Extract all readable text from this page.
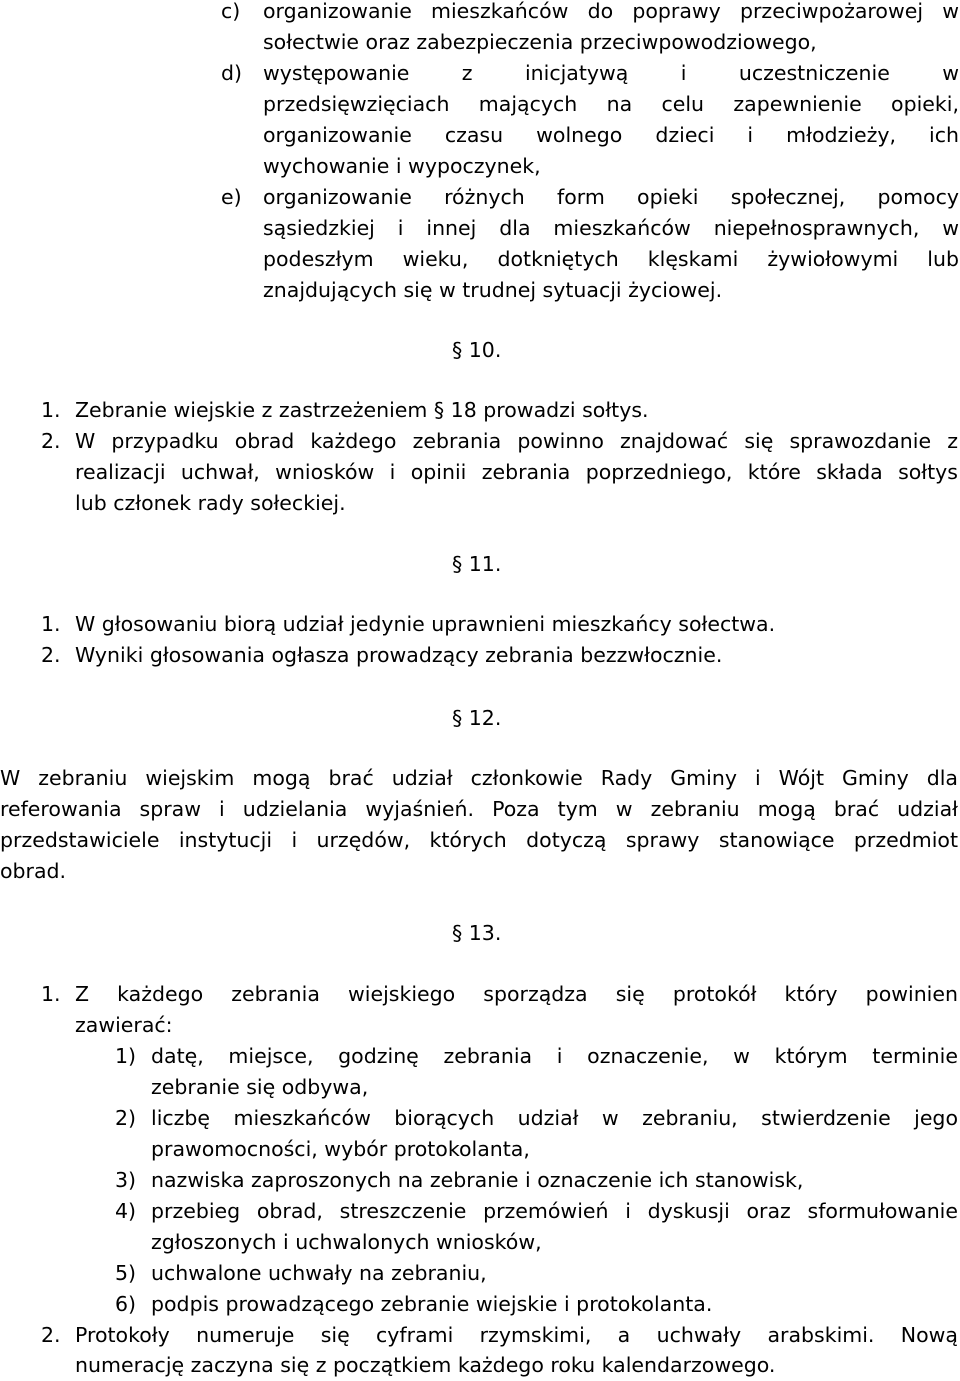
c) organizowanie mieszkańców do poprawy przeciwpożarowej w
sołectwie oraz zabezpieczenia przeciwpowodziowego,
d) występowanie z inicjatywą i uczestniczenie w
przedsięwzięciach mających na celu zapewnienie opieki,
organizowanie czasu wolnego dzieci i młodzieży, ich
wychowanie i wypoczynek,
e) organizowanie różnych form opieki społecznej, pomocy
sąsiedzkiej i innej dla mieszkańców niepełnosprawnych, w
podeszłym wieku, dotkniętych klęskami żywiołowymi lub
znajdujących się w trudnej sytuacji życiowej.
§ 10.
1. Zebranie wiejskie z zastrzeżeniem § 18 prowadzi sołtys.
2. W przypadku obrad każdego zebrania powinno znajdować się sprawozdanie z
realizacji uchwał, wniosków i opinii zebrania poprzedniego, które składa sołtys
lub członek rady sołeckiej.
§ 11.
1. W głosowaniu biorą udział jedynie uprawnieni mieszkańcy sołectwa.
2. Wyniki głosowania ogłasza prowadzący zebrania bezzwłocznie.
§ 12.
W zebraniu wiejskim mogą brać udział członkowie Rady Gminy i Wójt Gminy dla
referowania spraw i udzielania wyjaśnień. Poza tym w zebraniu mogą brać udział
przedstawiciele instytucji i urzędów, których dotyczą sprawy stanowiące przedmiot
obrad.
§ 13.
1. Z każdego zebrania wiejskiego sporządza się protokół który powinien
zawierać:
1) datę, miejsce, godzinę zebrania i oznaczenie, w którym terminie
zebranie się odbywa,
2) liczbę mieszkańców biorących udział w zebraniu, stwierdzenie jego
prawomocności, wybór protokolanta,
3) nazwiska zaproszonych na zebranie i oznaczenie ich stanowisk,
4) przebieg obrad, streszczenie przemówień i dyskusji oraz sformułowanie
zgłoszonych i uchwalonych wniosków,
5) uchwalone uchwały na zebraniu,
6) podpis prowadzącego zebranie wiejskie i protokolanta.
2. Protokoły numeruje się cyframi rzymskimi, a uchwały arabskimi. Nową
numerację zaczyna się z początkiem każdego roku kalendarzowego.
